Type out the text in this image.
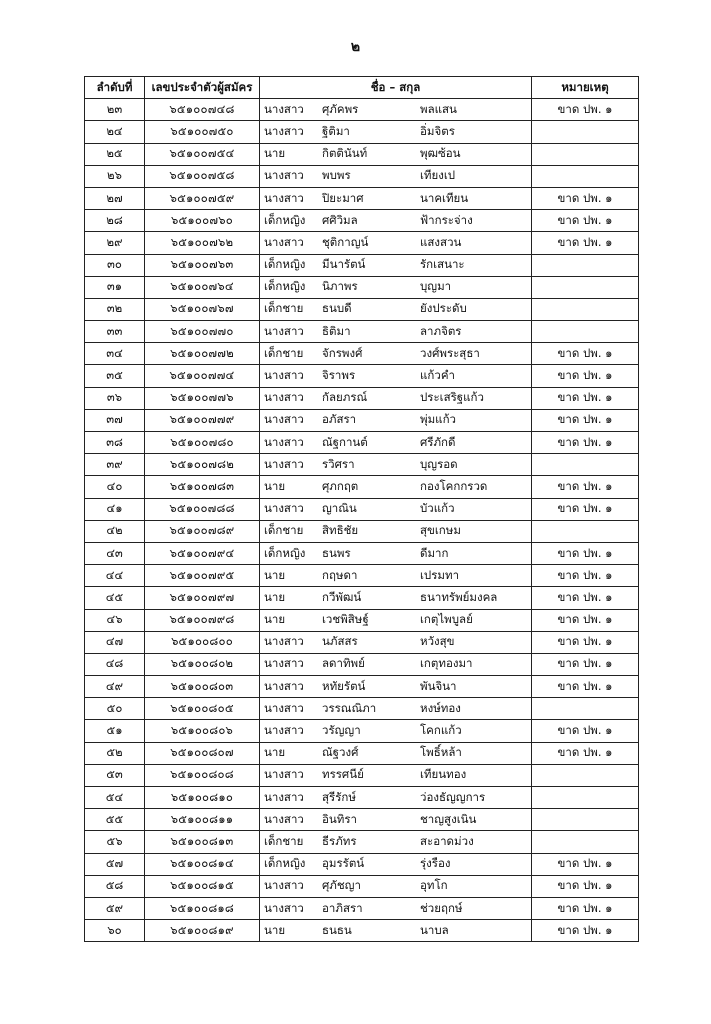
๒
ลำดับที่	เลขประจำตัวผู้สมัคร	ชื่อ – สกุล	หมายเหตุ
๒๓	๖๕๑๐๐๗๔๘	นางสาว ศุภัคพร พลแสน	ขาด ปพ. ๑
๒๔	๖๕๑๐๐๗๕๐	นางสาว ฐิติมา อิ่มจิตร	

๒๕	๖๕๑๐๐๗๕๔	นาย กิตตินันท์ พุฒซ้อน	

๒๖	๖๕๑๐๐๗๕๘	นางสาว พบพร เทียงเป	

๒๗	๖๕๑๐๐๗๕๙	นางสาว ปิยะมาศ นาคเทียน	ขาด ปพ. ๑
๒๘	๖๕๑๐๐๗๖๐	เด็กหญิง ศศิวิมล ฟ้ากระจ่าง	ขาด ปพ. ๑
๒๙	๖๕๑๐๐๗๖๒	นางสาว ชุติกาญน์ แสงสวน	ขาด ปพ. ๑
๓๐	๖๕๑๐๐๗๖๓	เด็กหญิง มีนารัตน์ รักเสนาะ	

๓๑	๖๕๑๐๐๗๖๔	เด็กหญิง นิภาพร บุญมา	

๓๒	๖๕๑๐๐๗๖๗	เด็กชาย ธนบดี ยังประดับ	

๓๓	๖๕๑๐๐๗๗๐	นางสาว ธิติมา ลาภจิตร	

๓๔	๖๕๑๐๐๗๗๒	เด็กชาย จักรพงศ์ วงศ์พระสุธา	ขาด ปพ. ๑
๓๕	๖๕๑๐๐๗๗๔	นางสาว จิราพร แก้วคำ	ขาด ปพ. ๑
๓๖	๖๕๑๐๐๗๗๖	นางสาว กัลยภรณ์ ประเสริฐแก้ว	ขาด ปพ. ๑
๓๗	๖๕๑๐๐๗๗๙	นางสาว อภัสรา พุ่มแก้ว	ขาด ปพ. ๑
๓๘	๖๕๑๐๐๗๘๐	นางสาว ณัฐกานต์ ศรีภักดี	ขาด ปพ. ๑
๓๙	๖๕๑๐๐๗๘๒	นางสาว รวิศรา บุญรอด	

๔๐	๖๕๑๐๐๗๘๓	นาย ศุภกฤต กองโคกกรวด	ขาด ปพ. ๑
๔๑	๖๕๑๐๐๗๘๘	นางสาว ญาณิน บัวแก้ว	ขาด ปพ. ๑
๔๒	๖๕๑๐๐๗๘๙	เด็กชาย สิทธิชัย สุขเกษม	

๔๓	๖๕๑๐๐๗๙๔	เด็กหญิง ธนพร ดีมาก	ขาด ปพ. ๑
๔๔	๖๕๑๐๐๗๙๕	นาย กฤษดา เปรมทา	ขาด ปพ. ๑
๔๕	๖๕๑๐๐๗๙๗	นาย กวีพัฒน์ ธนาทรัพย์มงคล	ขาด ปพ. ๑
๔๖	๖๕๑๐๐๗๙๘	นาย เวชพิสิษฐ์ เกตุไพบูลย์	ขาด ปพ. ๑
๔๗	๖๕๑๐๐๘๐๐	นางสาว นภัสสร หวังสุข	ขาด ปพ. ๑
๔๘	๖๕๑๐๐๘๐๒	นางสาว ลดาทิพย์ เกตุทองมา	ขาด ปพ. ๑
๔๙	๖๕๑๐๐๘๐๓	นางสาว หทัยรัตน์ พันจินา	ขาด ปพ. ๑
๕๐	๖๕๑๐๐๘๐๕	นางสาว วรรณณิภา หงษ์ทอง	

๕๑	๖๕๑๐๐๘๐๖	นางสาว วรัญญา โคกแก้ว	ขาด ปพ. ๑
๕๒	๖๕๑๐๐๘๐๗	นาย ณัฐวงศ์ โพธิ์หล้า	ขาด ปพ. ๑
๕๓	๖๕๑๐๐๘๐๘	นางสาว ทรรศนีย์ เทียนทอง	

๕๔	๖๕๑๐๐๘๑๐	นางสาว สุรีรักษ์ ว่องธัญญการ	

๕๕	๖๕๑๐๐๘๑๑	นางสาว อินทิรา ชาญสูงเนิน	

๕๖	๖๕๑๐๐๘๑๓	เด็กชาย ธีรภัทร สะอาดม่วง	

๕๗	๖๕๑๐๐๘๑๔	เด็กหญิง อุมรรัตน์ รุ่งรือง	ขาด ปพ. ๑
๕๘	๖๕๑๐๐๘๑๕	นางสาว ศุภัชญา อุทโก	ขาด ปพ. ๑
๕๙	๖๕๑๐๐๘๑๘	นางสาว อาภิสรา ช่วยฤกษ์	ขาด ปพ. ๑
๖๐	๖๕๑๐๐๘๑๙	นาย ธนธน นาบล	ขาด ปพ. ๑
